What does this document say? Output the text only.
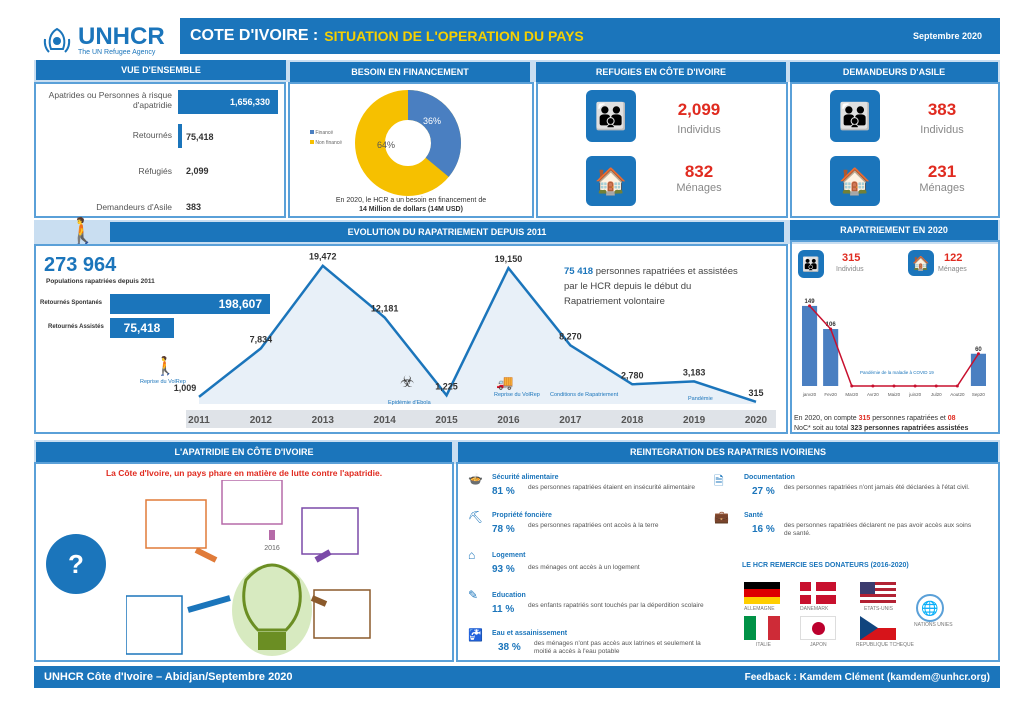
UNHCR
The UN Refugee Agency
COTE D'IVOIRE : SITUATION DE L'OPERATION DU PAYS	Septembre 2020
VUE D'ENSEMBLE	BESOIN EN FINANCEMENT	REFUGIES EN CÔTE D'IVOIRE	DEMANDEURS D'ASILE
Apatrides ou Personnes à risque d'apatridie	1,656,330
Retournés 75,418
Réfugiés 2,099
Demandeurs d'Asile 383
36%
64%
Financé
Non financé
En 2020, le HCR a un besoin en financement de
14 Million de dollars (14M USD)
👪	2,099
Individus
🏠	832
Ménages
👪	383
Individus
🏠	231
Ménages
🚶	EVOLUTION DU RAPATRIEMENT DEPUIS 2011	RAPATRIEMENT EN 2020
273 964
Populations rapatriées depuis 2011
Retournés Spontanés	198,607
Retournés Assistés	75,418
2011
1,009
2012
7,834
2013
19,472
2014
12,181
2015
1,225
2016
19,150
2017
8,270
2018
2,780
2019
3,183
2020
315
75 418 personnes rapatriées et assistées par le HCR depuis le début du Rapatriement volontaire
Reprise du VolRep
Epidémie d'Ebola
Reprise du VolRep Conditions de Rapatriement
Pandémie
☣	🚚
🚶
👪	315
Individus	🏠	122
Ménages
149
janv20
106
Fev20 Mar20 Avr20 Mai20 juin20 Jul20 Aout20
60
Sep20
Pandémie de la maladie à COVID 19
En 2020, on compte 315 personnes rapatriées et 08
NoC* soit au total 323 personnes rapatriées assistées
L'APATRIDIE EN CÔTE D'IVOIRE	REINTEGRATION DES RAPATRIES IVOIRIENS
La Côte d'Ivoire, un pays phare en matière de lutte contre l'apatridie.
?	2016
🍲 Sécurité alimentaire
81 % des personnes rapatriées étaient en insécurité alimentaire
⛏ Propriété foncière
78 % des personnes rapatriées ont accès à la terre
⌂ Logement
93 % des ménages ont accès à un logement
✎ Education
11 % des enfants rapatriés sont touchés par la déperdition scolaire
🚰 Eau et assainissement
38 % des ménages n'ont pas accès aux latrines et seulement la moitié a accès à l'eau potable
🗎	Documentation
27 % des personnes rapatriées n'ont jamais été déclarées à l'état civil.
💼 Santé
16 % des personnes rapatriées déclarent ne pas avoir accès aux soins de santé.
LE HCR REMERCIE SES DONATEURS (2016-2020)
ALLEMAGNE	DANEMARK	ETATS-UNIS	🌐
NATIONS UNIES
ITALIE	JAPON	REPUBLIQUE TCHEQUE
UNHCR Côte d'Ivoire – Abidjan/Septembre 2020	Feedback : Kamdem Clément (kamdem@unhcr.org)
